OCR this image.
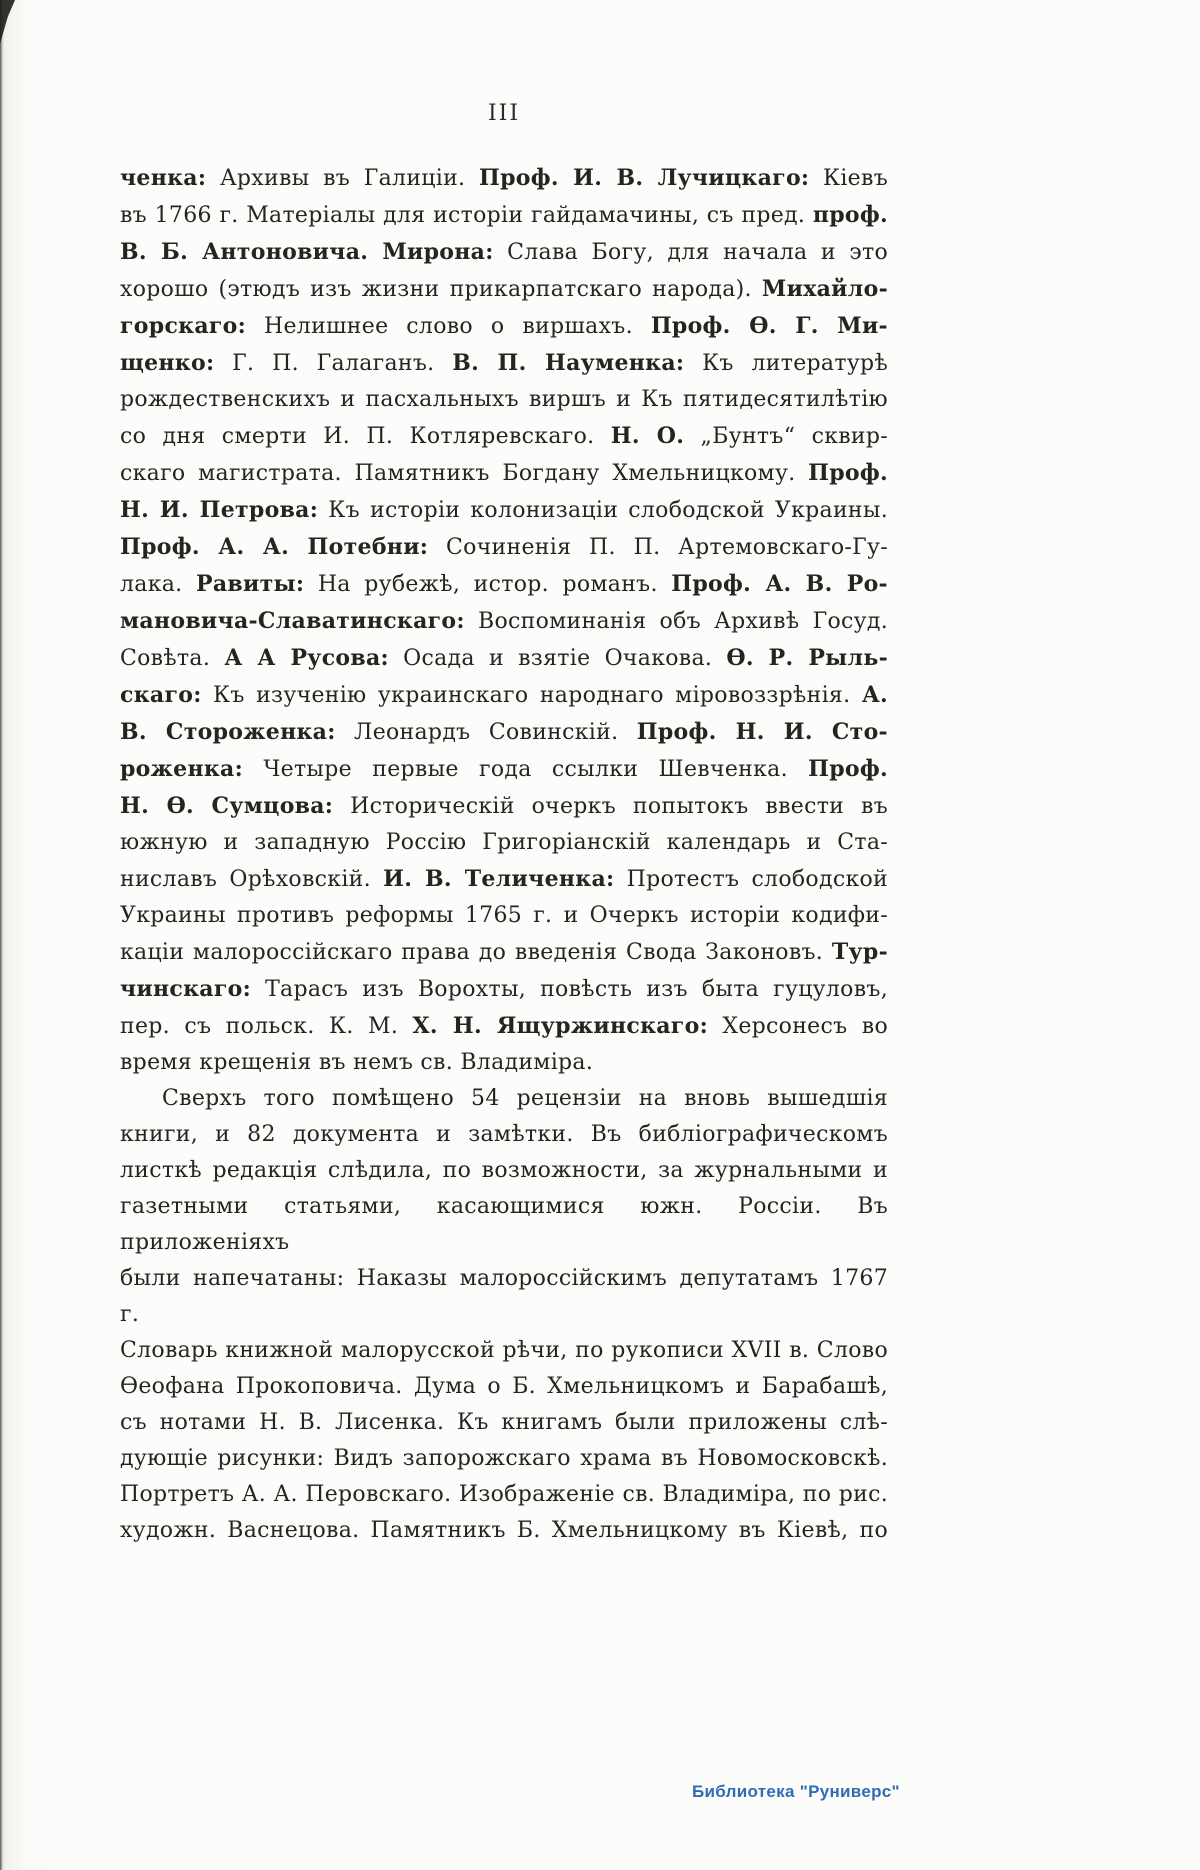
III
ченка: Архивы въ Галиціи. Проф. И. В. Лучицкаго: Кіевъ
въ 1766 г. Матеріалы для исторіи гайдамачины, съ пред. проф.
В. Б. Антоновича. Мирона: Слава Богу, для начала и это
хорошо (этюдъ изъ жизни прикарпатскаго народа). Михайло-
горскаго: Нелишнее слово о виршахъ. Проф. Ѳ. Г. Ми-
щенко: Г. П. Галаганъ. В. П. Науменка: Къ литературѣ
рождественскихъ и пасхальныхъ виршъ и Къ пятидесятилѣтію
со дня смерти И. П. Котляревскаго. Н. О. „Бунтъ“ сквир-
скаго магистрата. Памятникъ Богдану Хмельницкому. Проф.
Н. И. Петрова: Къ исторіи колонизаціи слободской Украины.
Проф. А. А. Потебни: Сочиненія П. П. Артемовскаго-Гу-
лака. Равиты: На рубежѣ, истор. романъ. Проф. А. В. Ро-
мановича-Славатинскаго: Воспоминанія объ Архивѣ Госуд.
Совѣта. А А Русова: Осада и взятіе Очакова. Ѳ. Р. Рыль-
скаго: Къ изученію украинскаго народнаго міровоззрѣнія. А.
В. Стороженка: Леонардъ Совинскій. Проф. Н. И. Сто-
роженка: Четыре первые года ссылки Шевченка. Проф.
Н. Ѳ. Сумцова: Историческій очеркъ попытокъ ввести въ
южную и западную Россію Григоріанскій календарь и Ста-
ниславъ Орѣховскій. И. В. Теличенка: Протестъ слободской
Украины противъ реформы 1765 г. и Очеркъ исторіи кодифи-
каціи малороссійскаго права до введенія Свода Законовъ. Тур-
чинскаго: Тарасъ изъ Ворохты, повѣсть изъ быта гуцуловъ,
пер. съ польск. К. М. Х. Н. Ящуржинскаго: Херсонесъ во
время крещенія въ немъ св. Владиміра.
Сверхъ того помѣщено 54 рецензіи на вновь вышедшія
книги, и 82 документа и замѣтки. Въ библіографическомъ
листкѣ редакція слѣдила, по возможности, за журнальными и
газетными статьями, касающимися южн. Россіи. Въ приложеніяхъ
были напечатаны: Наказы малороссійскимъ депутатамъ 1767 г.
Словарь книжной малорусской рѣчи, по рукописи XVII в. Слово
Ѳеофана Прокоповича. Дума о Б. Хмельницкомъ и Барабашѣ,
съ нотами Н. В. Лисенка. Къ книгамъ были приложены слѣ-
дующіе рисунки: Видъ запорожскаго храма въ Новомосковскѣ.
Портретъ А. А. Перовскаго. Изображеніе св. Владиміра, по рис.
художн. Васнецова. Памятникъ Б. Хмельницкому въ Кіевѣ, по
Библиотека "Руниверс"
